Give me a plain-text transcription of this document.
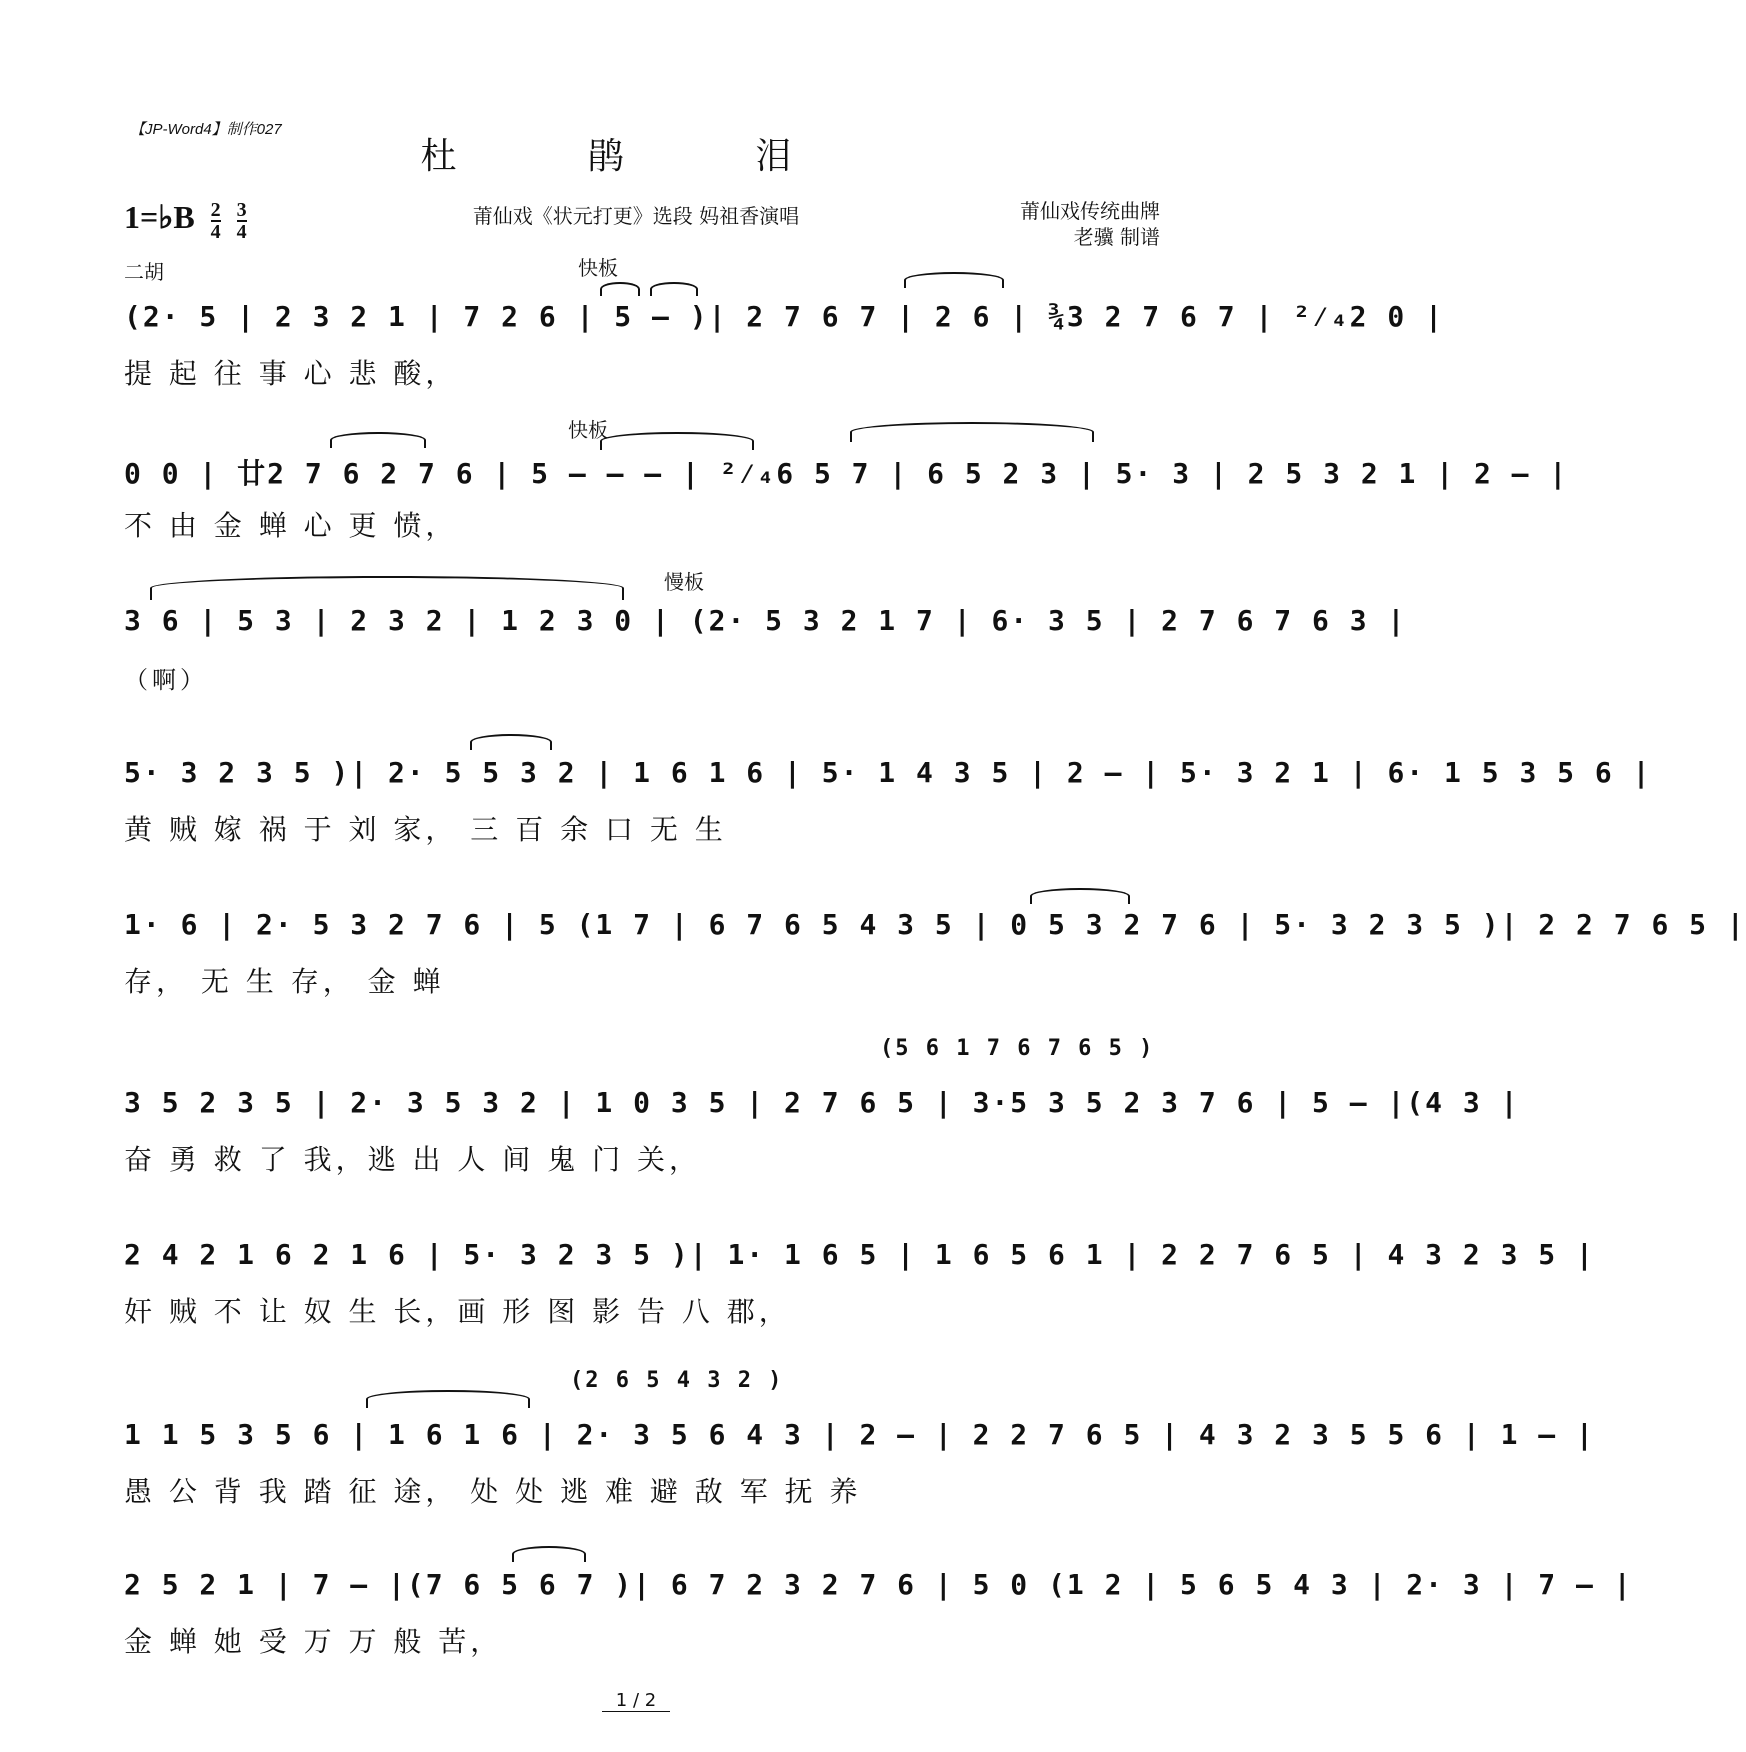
【JP-Word4】制作027
杜 鹃 泪
1=♭B $\frac{2}{4}$
$\frac{3}{4}$	莆仙戏《状元打更》选段 妈祖香演唱	莆仙戏传统曲牌
老骥 制谱
二胡	快板
快板
慢板
（啊）
(2· 5 | 2 3 2 1 | 7 2 6 | 5 – )| 2 7 6 7 | 2 6 | ¾3 2 7 6 7 | ²⁄₄2 0 |
提 起 往 事 心 悲 酸，
0 0 | 廿2 7 6 2 7 6 | 5 – – – | ²⁄₄6 5 7 | 6 5 2 3 | 5· 3 | 2 5 3 2 1 | 2 – |
不 由 金 蝉 心 更 愤，
3 6 | 5 3 | 2 3 2 | 1 2 3 0 | (2· 5 3 2 1 7 | 6· 3 5 | 2 7 6 7 6 3 |
5· 3 2 3 5 )| 2· 5 5 3 2 | 1 6 1 6 | 5· 1 4 3 5 | 2 – | 5· 3 2 1 | 6· 1 5 3 5 6 |
黄 贼 嫁 祸 于 刘 家， 三 百 余 口 无 生
1· 6 | 2· 5 3 2 7 6 | 5 (1 7 | 6 7 6 5 4 3 5 | 0 5 3 2 7 6 | 5· 3 2 3 5 )| 2 2 7 6 5 |
存， 无 生 存， 金 蝉
(5 6 1 7 6 7 6 5 )
3 5 2 3 5 | 2· 3 5 3 2 | 1 0 3 5 | 2 7 6 5 | 3·5 3 5 2 3 7 6 | 5 – |(4 3 |
奋 勇 救 了 我，逃 出 人 间 鬼 门 关，
2 4 2 1 6 2 1 6 | 5· 3 2 3 5 )| 1· 1 6 5 | 1 6 5 6 1 | 2 2 7 6 5 | 4 3 2 3 5 |
奸 贼 不 让 奴 生 长，画 形 图 影 告 八 郡，
(2 6 5 4 3 2 )
1 1 5 3 5 6 | 1 6 1 6 | 2· 3 5 6 4 3 | 2 – | 2 2 7 6 5 | 4 3 2 3 5 5 6 | 1 – |
愚 公 背 我 踏 征 途， 处 处 逃 难 避 敌 军 抚 养
2 5 2 1 | 7 – |(7 6 5 6 7 )| 6 7 2 3 2 7 6 | 5 0 (1 2 | 5 6 5 4 3 | 2· 3 | 7 – |
金 蝉 她 受 万 万 般 苦，
1 / 2
